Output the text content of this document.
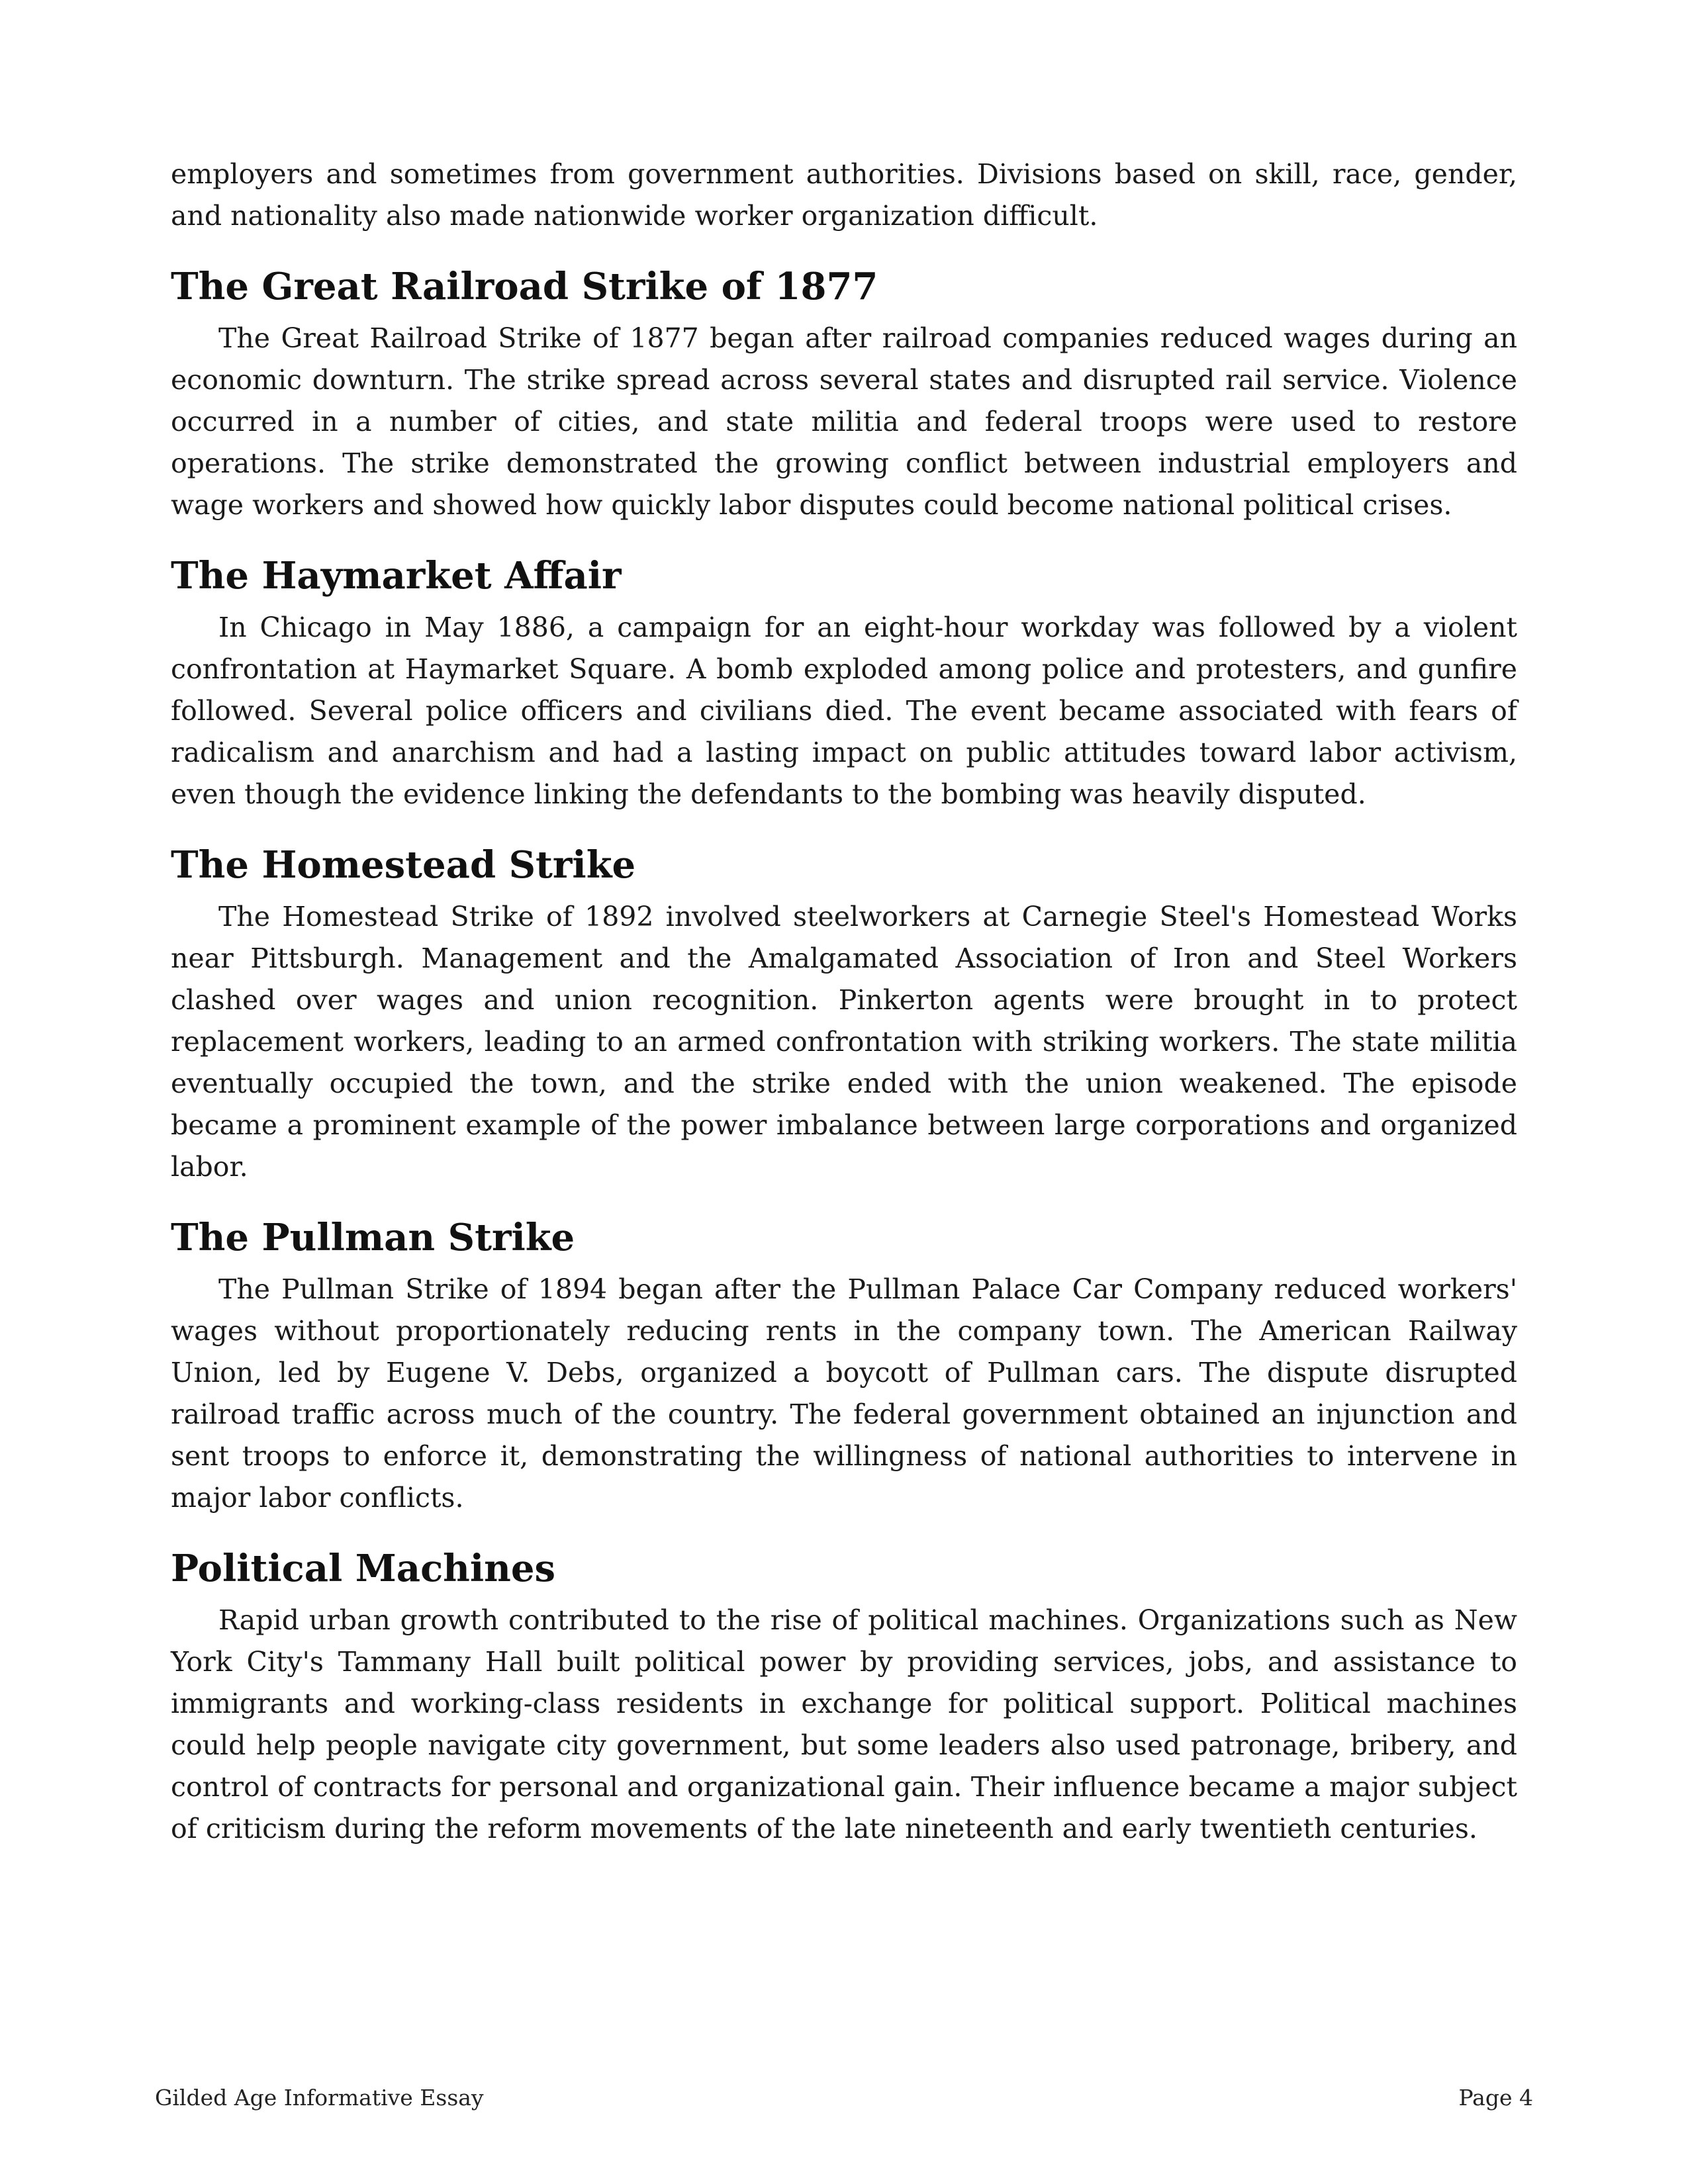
employers and sometimes from government authorities. Divisions based on skill, race, gender, and nationality also made nationwide worker organization difficult.

The Great Railroad Strike of 1877

The Great Railroad Strike of 1877 began after railroad companies reduced wages during an economic downturn. The strike spread across several states and disrupted rail service. Violence occurred in a number of cities, and state militia and federal troops were used to restore operations. The strike demonstrated the growing conflict between industrial employers and wage workers and showed how quickly labor disputes could become national political crises.

The Haymarket Affair

In Chicago in May 1886, a campaign for an eight-hour workday was followed by a violent confrontation at Haymarket Square. A bomb exploded among police and protesters, and gunfire followed. Several police officers and civilians died. The event became associated with fears of radicalism and anarchism and had a lasting impact on public attitudes toward labor activism, even though the evidence linking the defendants to the bombing was heavily disputed.

The Homestead Strike

The Homestead Strike of 1892 involved steelworkers at Carnegie Steel's Homestead Works near Pittsburgh. Management and the Amalgamated Association of Iron and Steel Workers clashed over wages and union recognition. Pinkerton agents were brought in to protect replacement workers, leading to an armed confrontation with striking workers. The state militia eventually occupied the town, and the strike ended with the union weakened. The episode became a prominent example of the power imbalance between large corporations and organized labor.

The Pullman Strike

The Pullman Strike of 1894 began after the Pullman Palace Car Company reduced workers' wages without proportionately reducing rents in the company town. The American Railway Union, led by Eugene V. Debs, organized a boycott of Pullman cars. The dispute disrupted railroad traffic across much of the country. The federal government obtained an injunction and sent troops to enforce it, demonstrating the willingness of national authorities to intervene in major labor conflicts.

Political Machines

Rapid urban growth contributed to the rise of political machines. Organizations such as New York City's Tammany Hall built political power by providing services, jobs, and assistance to immigrants and working-class residents in exchange for political support. Political machines could help people navigate city government, but some leaders also used patronage, bribery, and control of contracts for personal and organizational gain. Their influence became a major subject of criticism during the reform movements of the late nineteenth and early twentieth centuries.

Gilded Age Informative Essay	Page 4
